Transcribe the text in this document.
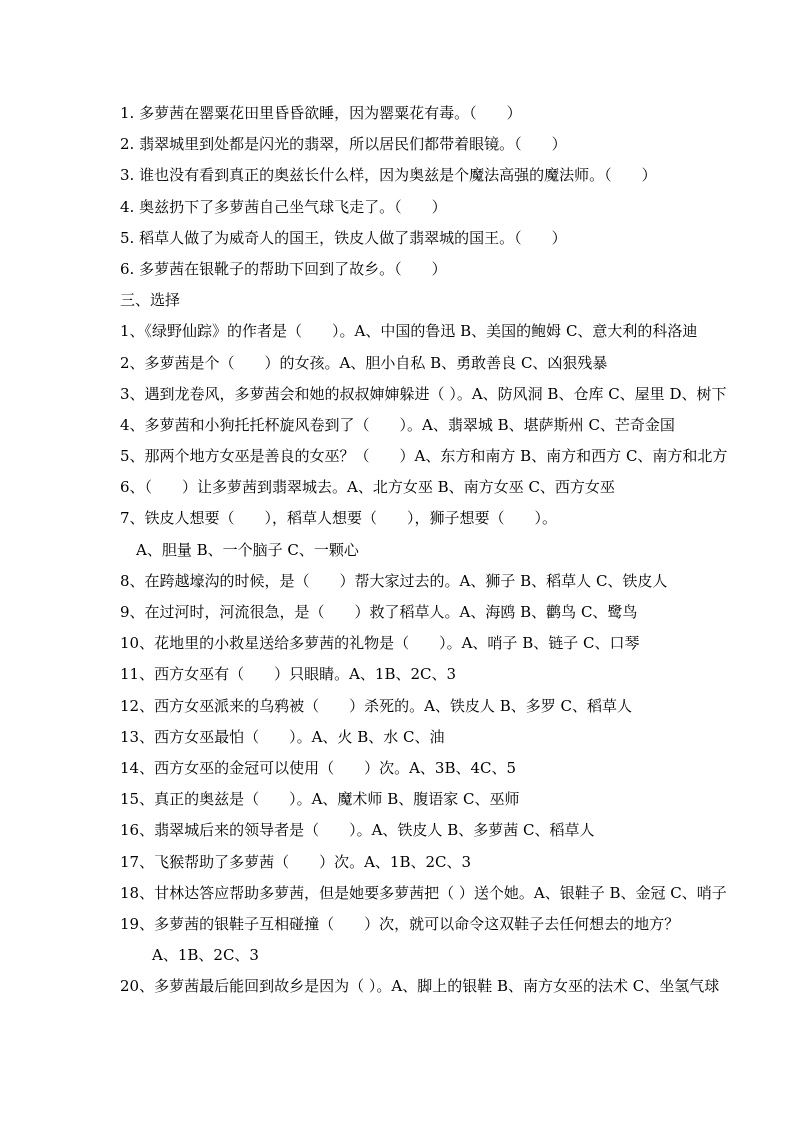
1. 多萝茜在罂粟花田里昏昏欲睡，因为罂粟花有毒。（　　）
2. 翡翠城里到处都是闪光的翡翠，所以居民们都带着眼镜。（　　）
3. 谁也没有看到真正的奥兹长什么样，因为奥兹是个魔法高强的魔法师。（　　）
4. 奥兹扔下了多萝茜自己坐气球飞走了。（　　）
5. 稻草人做了为威奇人的国王，铁皮人做了翡翠城的国王。（　　）
6. 多萝茜在银靴子的帮助下回到了故乡。（　　）
三、选择
1、《绿野仙踪》的作者是（　　）。A、中国的鲁迅 B、美国的鲍姆 C、意大利的科洛迪
2、多萝茜是个（　　）的女孩。A、胆小自私 B、勇敢善良 C、凶狠残暴
3、遇到龙卷风，多萝茜会和她的叔叔婶婶躲进（ ）。A、防风洞 B、仓库 C、屋里 D、树下
4、多萝茜和小狗托托杯旋风卷到了（　　）。A、翡翠城 B、堪萨斯州 C、芒奇金国
5、那两个地方女巫是善良的女巫？（　　）A、东方和南方 B、南方和西方 C、南方和北方
6、（　　）让多萝茜到翡翠城去。A、北方女巫 B、南方女巫 C、西方女巫
7、铁皮人想要（　　），稻草人想要（　　），狮子想要（　　）。
A、胆量 B、一个脑子 C、一颗心
8、在跨越壕沟的时候，是（　　）帮大家过去的。A、狮子 B、稻草人 C、铁皮人
9、在过河时，河流很急，是（　　）救了稻草人。A、海鸥 B、鹳鸟 C、鹭鸟
10、花地里的小救星送给多萝茜的礼物是（　　）。A、哨子 B、链子 C、口琴
11、西方女巫有（　　）只眼睛。A、1B、2C、3
12、西方女巫派来的乌鸦被（　　）杀死的。A、铁皮人 B、多罗 C、稻草人
13、西方女巫最怕（　　）。A、火 B、水 C、油
14、西方女巫的金冠可以使用（　　）次。A、3B、4C、5
15、真正的奥兹是（　　）。A、魔术师 B、腹语家 C、巫师
16、翡翠城后来的领导者是（　　）。A、铁皮人 B、多萝茜 C、稻草人
17、飞猴帮助了多萝茜（　　）次。A、1B、2C、3
18、甘林达答应帮助多萝茜，但是她要多萝茜把（ ）送个她。A、银鞋子 B、金冠 C、哨子
19、多萝茜的银鞋子互相碰撞（　　）次，就可以命令这双鞋子去任何想去的地方？
A、1B、2C、3
20、多萝茜最后能回到故乡是因为（ ）。A、脚上的银鞋 B、南方女巫的法术 C、坐氢气球
